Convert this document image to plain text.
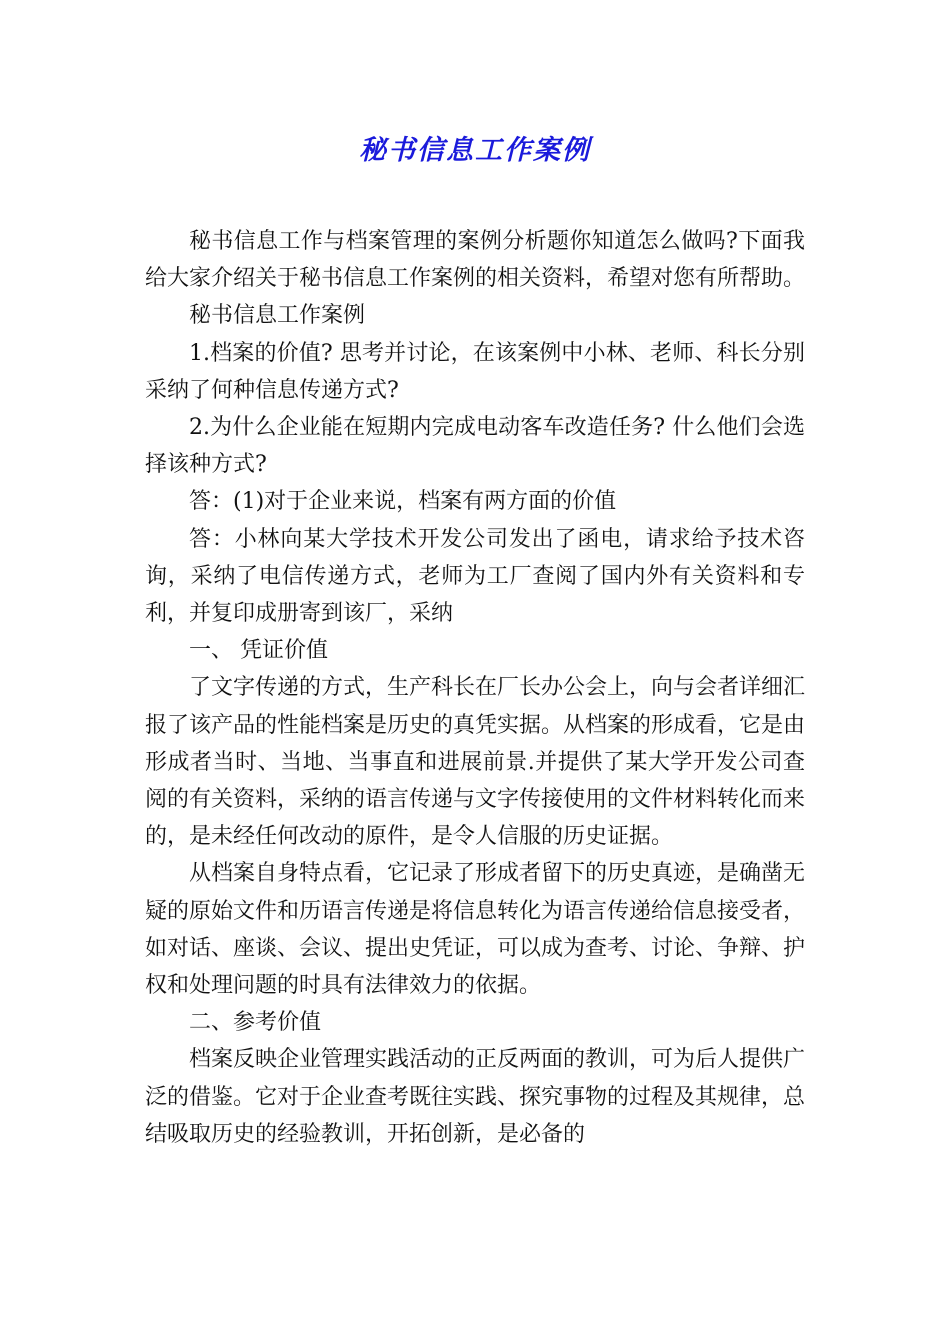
秘书信息工作案例

秘书信息工作与档案管理的案例分析题你知道怎么做吗?下面我给大家介绍关于秘书信息工作案例的相关资料，希望对您有所帮助。

秘书信息工作案例

1.档案的价值? 思考并讨论，在该案例中小林、老师、科长分别采纳了何种信息传递方式?

2.为什么企业能在短期内完成电动客车改造任务? 什么他们会选择该种方式?

答：(1)对于企业来说，档案有两方面的价值

答：小林向某大学技术开发公司发出了函电，请求给予技术咨询，采纳了电信传递方式，老师为工厂查阅了国内外有关资料和专利，并复印成册寄到该厂，采纳

一、 凭证价值

了文字传递的方式，生产科长在厂长办公会上，向与会者详细汇报了该产品的性能档案是历史的真凭实据。从档案的形成看，它是由形成者当时、当地、当事直和进展前景.并提供了某大学开发公司查阅的有关资料，采纳的语言传递与文字传接使用的文件材料转化而来的，是未经任何改动的原件，是令人信服的历史证据。

从档案自身特点看，它记录了形成者留下的历史真迹，是确凿无疑的原始文件和历语言传递是将信息转化为语言传递给信息接受者，如对话、座谈、会议、提出史凭证，可以成为查考、讨论、争辩、护权和处理问题的时具有法律效力的依据。

二、参考价值

档案反映企业管理实践活动的正反两面的教训，可为后人提供广泛的借鉴。它对于企业查考既往实践、探究事物的过程及其规律，总结吸取历史的经验教训，开拓创新，是必备的
